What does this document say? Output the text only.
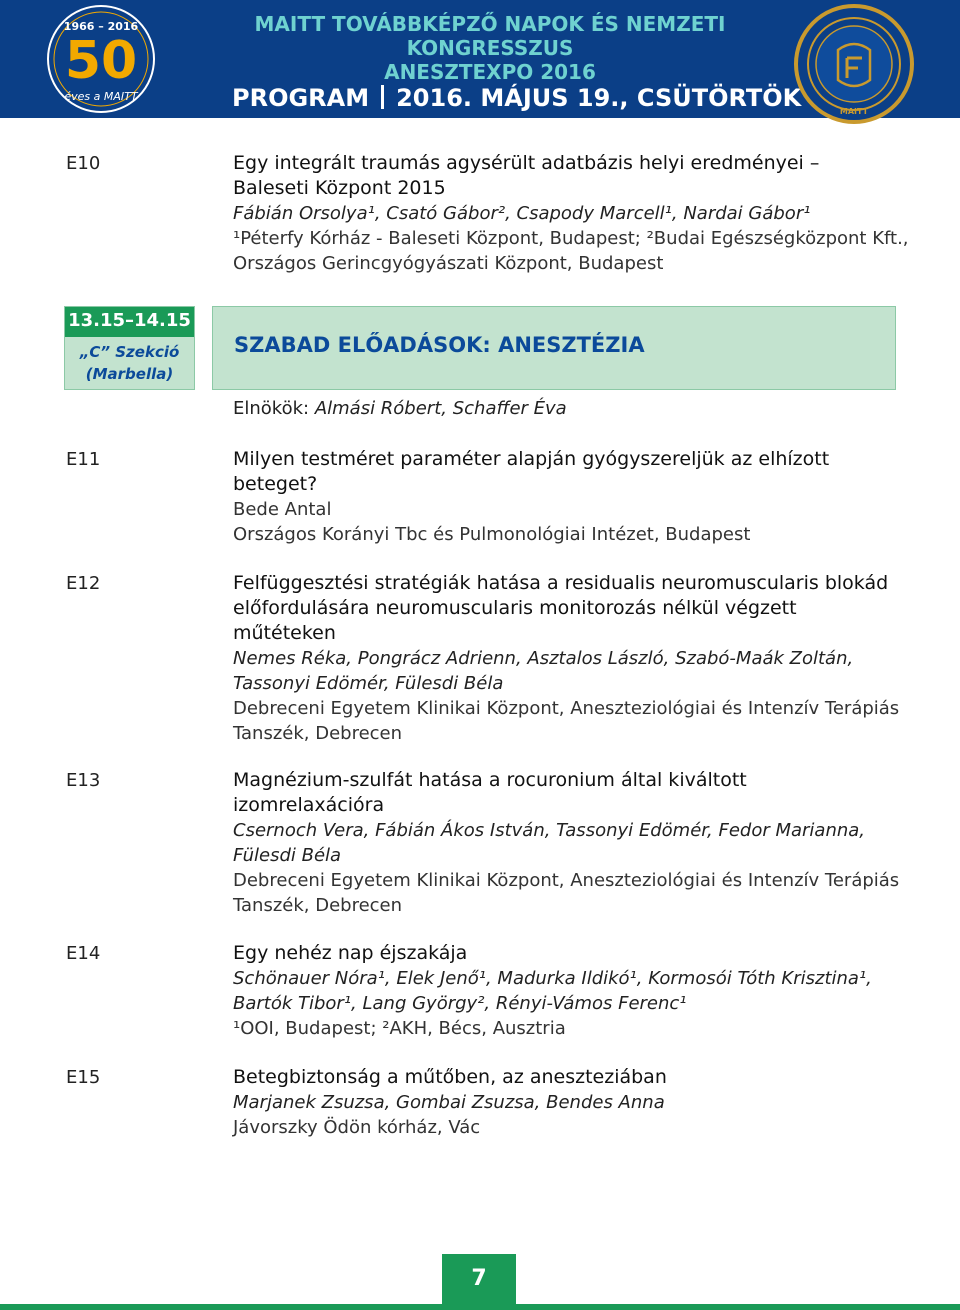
1966 – 2016
50
éves a MAITT
MAITT TOVÁBBKÉPZŐ NAPOK ÉS NEMZETI KONGRESSZUS
ANESZTEXPO 2016
PROGRAM 2016. MÁJUS 19., CSÜTÖRTÖK	MAITT
E10	Egy integrált traumás agysérült adatbázis helyi eredményei –
Baleseti Központ 2015
Fábián Orsolya¹, Csató Gábor², Csapody Marcell¹, Nardai Gábor¹
¹Péterfy Kórház - Baleseti Központ, Budapest; ²Budai Egészségközpont Kft.,
Országos Gerincgyógyászati Központ, Budapest
13.15–14.15
„C” Szekció
(Marbella)
SZABAD ELŐADÁSOK: ANESZTÉZIA
Elnökök: Almási Róbert, Schaffer Éva
E11	Milyen testméret paraméter alapján gyógyszereljük az elhízott
beteget?
Bede Antal
Országos Korányi Tbc és Pulmonológiai Intézet, Budapest
E12	Felfüggesztési stratégiák hatása a residualis neuromuscularis blokád
előfordulására neuromuscularis monitorozás nélkül végzett
műtéteken
Nemes Réka, Pongrácz Adrienn, Asztalos László, Szabó-Maák Zoltán,
Tassonyi Edömér, Fülesdi Béla
Debreceni Egyetem Klinikai Központ, Aneszteziológiai és Intenzív Terápiás
Tanszék, Debrecen
E13	Magnézium-szulfát hatása a rocuronium által kiváltott
izomrelaxációra
Csernoch Vera, Fábián Ákos István, Tassonyi Edömér, Fedor Marianna,
Fülesdi Béla
Debreceni Egyetem Klinikai Központ, Aneszteziológiai és Intenzív Terápiás
Tanszék, Debrecen
E14	Egy nehéz nap éjszakája
Schönauer Nóra¹, Elek Jenő¹, Madurka Ildikó¹, Kormosói Tóth Krisztina¹,
Bartók Tibor¹, Lang György², Rényi-Vámos Ferenc¹
¹OOI, Budapest; ²AKH, Bécs, Ausztria
E15	Betegbiztonság a műtőben, az aneszteziában
Marjanek Zsuzsa, Gombai Zsuzsa, Bendes Anna
Jávorszky Ödön kórház, Vác
7
